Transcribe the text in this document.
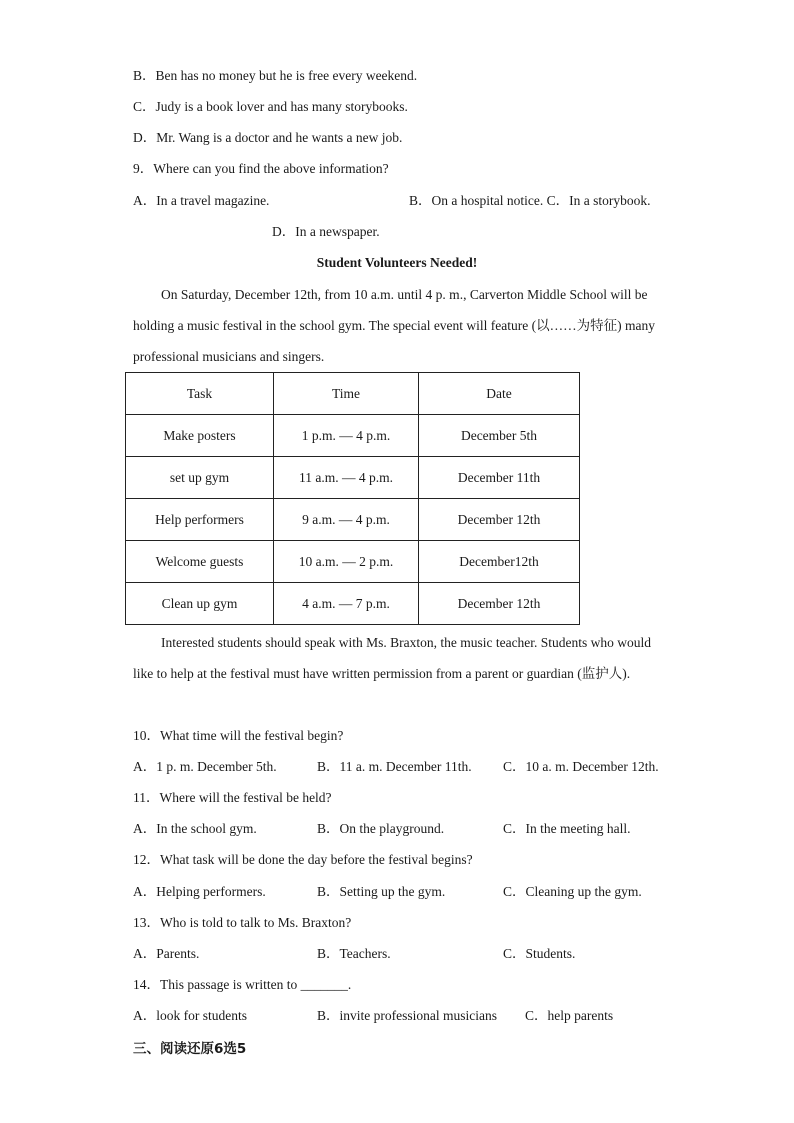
B．Ben has no money but he is free every weekend.
C．Judy is a book lover and has many storybooks.
D．Mr. Wang is a doctor and he wants a new job.
9．Where can you find the above information?
A．In a travel magazine.	B．On a hospital notice. C．In a storybook.
D．In a newspaper.
Student Volunteers Needed!
On Saturday, December 12th, from 10 a.m. until 4 p. m., Carverton Middle School will be holding a music festival in the school gym. The special event will feature (以……为特征) many professional musicians and singers.
Task	Time	Date
Make posters	1 p.m. — 4 p.m.	December 5th
set up gym	11 a.m. — 4 p.m.	December 11th
Help performers	9 a.m. — 4 p.m.	December 12th
Welcome guests	10 a.m. — 2 p.m.	December12th
Clean up gym	4 a.m. — 7 p.m.	December 12th
Interested students should speak with Ms. Braxton, the music teacher. Students who would like to help at the festival must have written permission from a parent or guardian (监护人).
10．What time will the festival begin?
A．1 p. m. December 5th.	B．11 a. m. December 11th. C．10 a. m. December 12th.
11．Where will the festival be held?
A．In the school gym.	B．On the playground.	C．In the meeting hall.
12．What task will be done the day before the festival begins?
A．Helping performers.	B．Setting up the gym.	C．Cleaning up the gym.
13．Who is told to talk to Ms. Braxton?
A．Parents.	B．Teachers.	C．Students.
14．This passage is written to _______.
A．look for students	B．invite professional musicians C．help parents
三、阅读还原6选5
